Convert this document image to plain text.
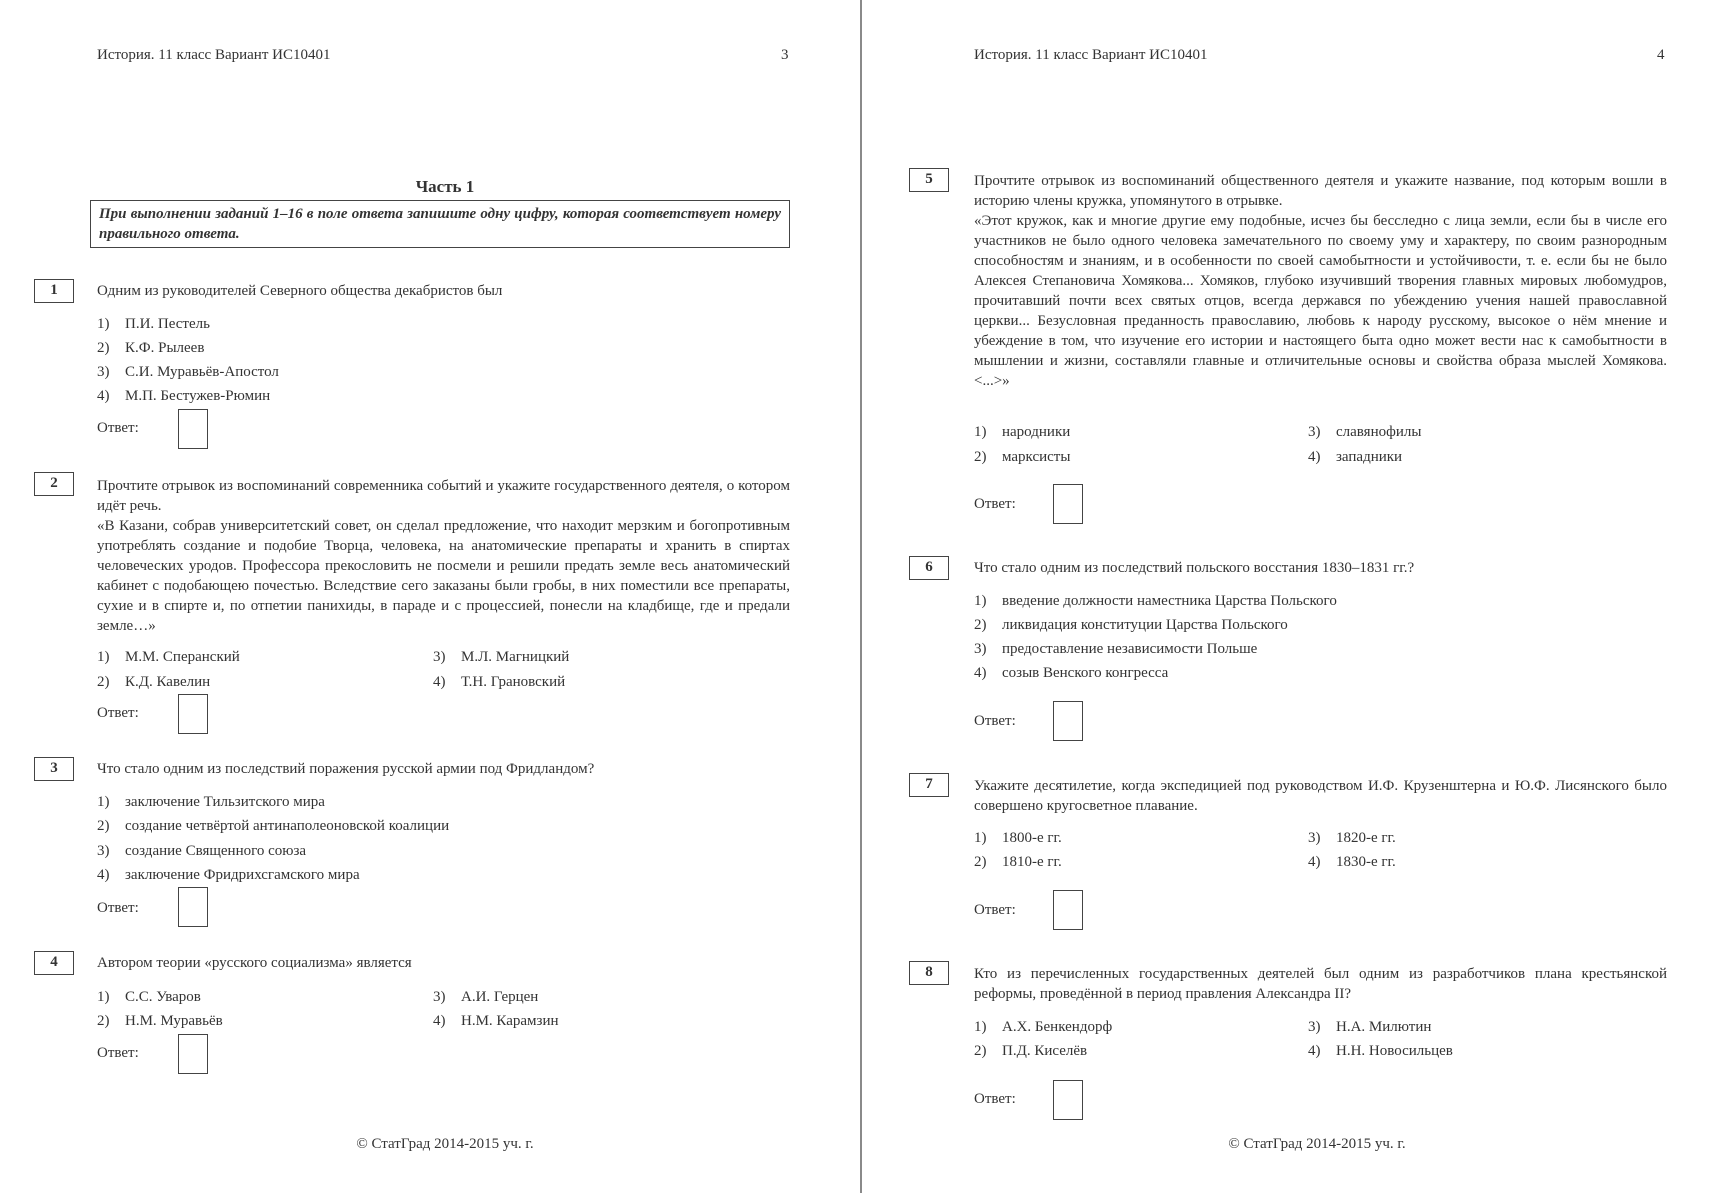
История. 11 класс Вариант ИС10401	3
Часть 1
При выполнении заданий 1–16 в поле ответа запишите одну цифру, которая соответствует номеру правильного ответа.
1	Одним из руководителей Северного общества декабристов был
1) П.И. Пестель
2) К.Ф. Рылеев
3) С.И. Муравьёв-Апостол
4) М.П. Бестужев-Рюмин
Ответ:
2	Прочтите отрывок из воспоминаний современника событий и укажите государственного деятеля, о котором идёт речь.
«В Казани, собрав университетский совет, он сделал предложение, что находит мерзким и богопротивным употреблять создание и подобие Творца, человека, на анатомические препараты и хранить в спиртах человеческих уродов. Профессора прекословить не посмели и решили предать земле весь анатомический кабинет с подобающею почестью. Вследствие сего заказаны были гробы, в них поместили все препараты, сухие и в спирте и, по отпетии панихиды, в параде и с процессией, понесли на кладбище, где и предали земле…»
1) М.М. Сперанский
2) К.Д. Кавелин
3) М.Л. Магницкий
4) Т.Н. Грановский
Ответ:
3	Что стало одним из последствий поражения русской армии под Фридландом?
1) заключение Тильзитского мира
2) создание четвёртой антинаполеоновской коалиции
3) создание Священного союза
4) заключение Фридрихсгамского мира
Ответ:
4	Автором теории «русского социализма» является
1) С.С. Уваров
2) Н.М. Муравьёв
3) А.И. Герцен
4) Н.М. Карамзин
Ответ:
© СтатГрад 2014-2015 уч. г.
История. 11 класс Вариант ИС10401	4
5	Прочтите отрывок из воспоминаний общественного деятеля и укажите название, под которым вошли в историю члены кружка, упомянутого в отрывке.
«Этот кружок, как и многие другие ему подобные, исчез бы бесследно с лица земли, если бы в числе его участников не было одного человека замечательного по своему уму и характеру, по своим разнородным способностям и знаниям, и в особенности по своей самобытности и устойчивости, т. е. если бы не было Алексея Степановича Хомякова... Хомяков, глубоко изучивший творения главных мировых любомудров, прочитавший почти всех святых отцов, всегда держався по убеждению учения нашей православной церкви... Безусловная преданность православию, любовь к народу русскому, высокое о нём мнение и убеждение в том, что изучение его истории и настоящего быта одно может вести нас к самобытности в мышлении и жизни, составляли главные и отличительные основы и свойства образа мыслей Хомякова. <...>»
1) народники
2) марксисты
3) славянофилы
4) западники
Ответ:
6	Что стало одним из последствий польского восстания 1830–1831 гг.?
1) введение должности наместника Царства Польского
2) ликвидация конституции Царства Польского
3) предоставление независимости Польше
4) созыв Венского конгресса
Ответ:
7	Укажите десятилетие, когда экспедицией под руководством И.Ф. Крузенштерна и Ю.Ф. Лисянского было совершено кругосветное плавание.
1) 1800-е гг.
2) 1810-е гг.
3) 1820-е гг.
4) 1830-е гг.
Ответ:
8	Кто из перечисленных государственных деятелей был одним из разработчиков плана крестьянской реформы, проведённой в период правления Александра II?
1) А.Х. Бенкендорф
2) П.Д. Киселёв
3) Н.А. Милютин
4) Н.Н. Новосильцев
Ответ:
© СтатГрад 2014-2015 уч. г.
